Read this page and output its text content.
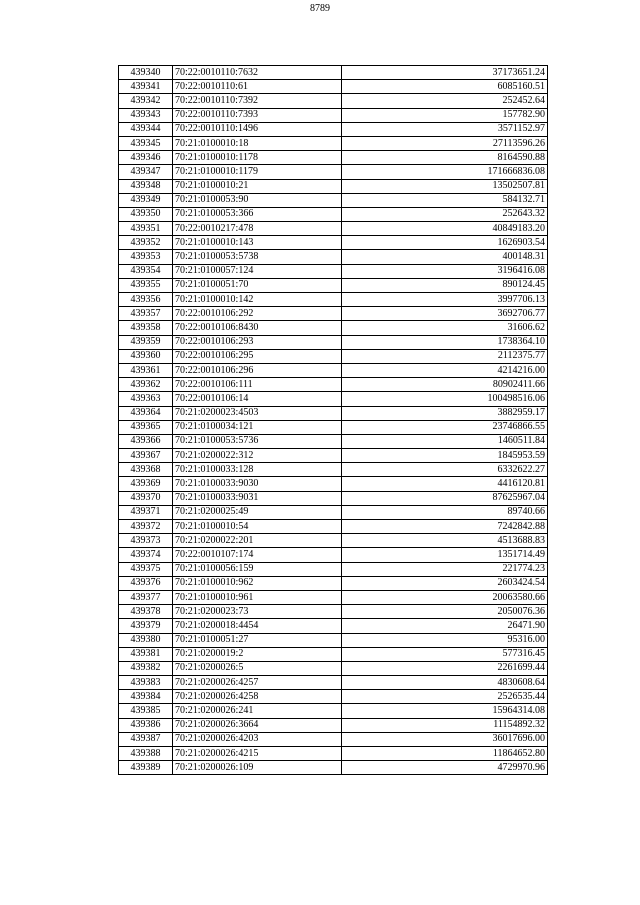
8789
439340	70:22:0010110:7632	37173651.24
439341	70:22:0010110:61	6085160.51
439342	70:22:0010110:7392	252452.64
439343	70:22:0010110:7393	157782.90
439344	70:22:0010110:1496	3571152.97
439345	70:21:0100010:18	27113596.26
439346	70:21:0100010:1178	8164590.88
439347	70:21:0100010:1179	171666836.08
439348	70:21:0100010:21	13502507.81
439349	70:21:0100053:90	584132.71
439350	70:21:0100053:366	252643.32
439351	70:22:0010217:478	40849183.20
439352	70:21:0100010:143	1626903.54
439353	70:21:0100053:5738	400148.31
439354	70:21:0100057:124	3196416.08
439355	70:21:0100051:70	890124.45
439356	70:21:0100010:142	3997706.13
439357	70:22:0010106:292	3692706.77
439358	70:22:0010106:8430	31606.62
439359	70:22:0010106:293	1738364.10
439360	70:22:0010106:295	2112375.77
439361	70:22:0010106:296	4214216.00
439362	70:22:0010106:111	80902411.66
439363	70:22:0010106:14	100498516.06
439364	70:21:0200023:4503	3882959.17
439365	70:21:0100034:121	23746866.55
439366	70:21:0100053:5736	1460511.84
439367	70:21:0200022:312	1845953.59
439368	70:21:0100033:128	6332622.27
439369	70:21:0100033:9030	4416120.81
439370	70:21:0100033:9031	87625967.04
439371	70:21:0200025:49	89740.66
439372	70:21:0100010:54	7242842.88
439373	70:21:0200022:201	4513688.83
439374	70:22:0010107:174	1351714.49
439375	70:21:0100056:159	221774.23
439376	70:21:0100010:962	2603424.54
439377	70:21:0100010:961	20063580.66
439378	70:21:0200023:73	2050076.36
439379	70:21:0200018:4454	26471.90
439380	70:21:0100051:27	95316.00
439381	70:21:0200019:2	577316.45
439382	70:21:0200026:5	2261699.44
439383	70:21:0200026:4257	4830608.64
439384	70:21:0200026:4258	2526535.44
439385	70:21:0200026:241	15964314.08
439386	70:21:0200026:3664	11154892.32
439387	70:21:0200026:4203	36017696.00
439388	70:21:0200026:4215	11864652.80
439389	70:21:0200026:109	4729970.96
